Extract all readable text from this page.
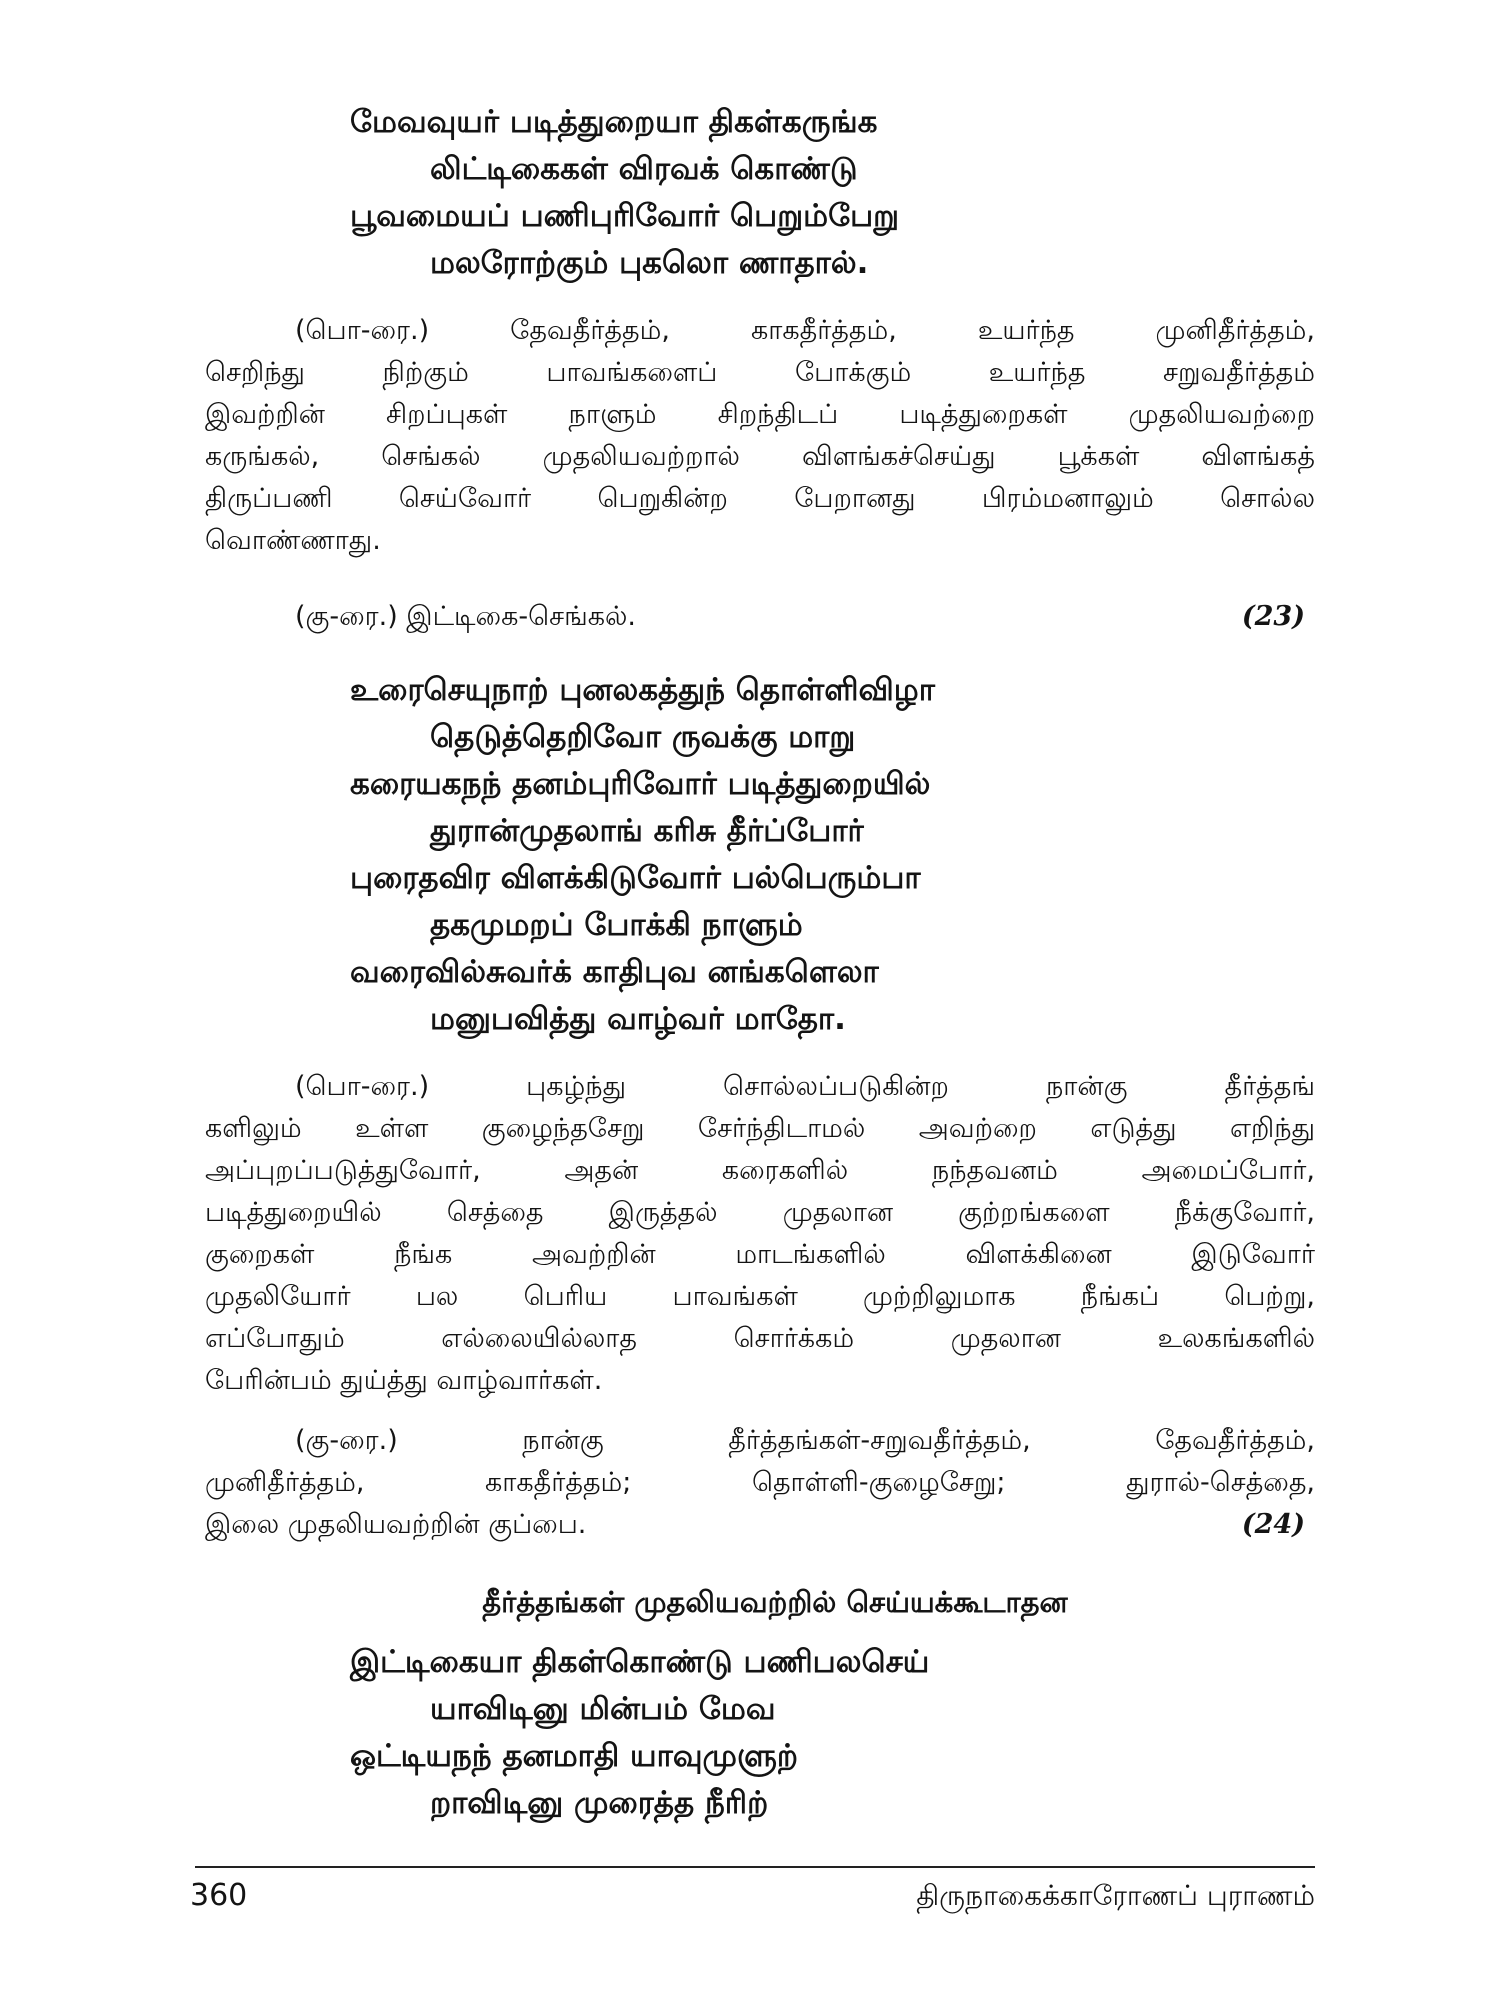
மேவவுயர் படித்துறையா திகள்கருங்க
லிட்டிகைகள் விரவக் கொண்டு
பூவமையப் பணிபுரிவோர் பெறும்பேறு
மலரோற்கும் புகலொ ணாதால்.
(பொ-ரை.) தேவதீர்த்தம், காகதீர்த்தம், உயர்ந்த முனிதீர்த்தம்,
செறிந்து நிற்கும் பாவங்களைப் போக்கும் உயர்ந்த சறுவதீர்த்தம்
இவற்றின் சிறப்புகள் நாளும் சிறந்திடப் படித்துறைகள் முதலியவற்றை
கருங்கல், செங்கல் முதலியவற்றால் விளங்கச்செய்து பூக்கள் விளங்கத்
திருப்பணி செய்வோர் பெறுகின்ற பேறானது பிரம்மனாலும் சொல்ல
வொண்ணாது.
(கு-ரை.) இட்டிகை-செங்கல்.	(23)
உரைசெயுநாற் புனலகத்துந் தொள்ளிவிழா
தெடுத்தெறிவோ ருவக்கு மாறு
கரையகநந் தனம்புரிவோர் படித்துறையில்
துரான்முதலாங் கரிசு தீர்ப்போர்
புரைதவிர விளக்கிடுவோர் பல்பெரும்பா
தகமுமறப் போக்கி நாளும்
வரைவில்சுவர்க் காதிபுவ னங்களெலா
மனுபவித்து வாழ்வர் மாதோ.
(பொ-ரை.) புகழ்ந்து சொல்லப்படுகின்ற நான்கு தீர்த்தங்
களிலும் உள்ள குழைந்தசேறு சேர்ந்திடாமல் அவற்றை எடுத்து எறிந்து
அப்புறப்படுத்துவோர், அதன் கரைகளில் நந்தவனம் அமைப்போர்,
படித்துறையில் செத்தை இருத்தல் முதலான குற்றங்களை நீக்குவோர்,
குறைகள் நீங்க அவற்றின் மாடங்களில் விளக்கினை இடுவோர்
முதலியோர் பல பெரிய பாவங்கள் முற்றிலுமாக நீங்கப் பெற்று,
எப்போதும் எல்லையில்லாத சொர்க்கம் முதலான உலகங்களில்
பேரின்பம் துய்த்து வாழ்வார்கள்.
(கு-ரை.) நான்கு தீர்த்தங்கள்-சறுவதீர்த்தம், தேவதீர்த்தம்,
முனிதீர்த்தம், காகதீர்த்தம்; தொள்ளி-குழைசேறு; துரால்-செத்தை,
இலை முதலியவற்றின் குப்பை.	(24)
தீர்த்தங்கள் முதலியவற்றில் செய்யக்கூடாதன
இட்டிகையா திகள்கொண்டு பணிபலசெய்
யாவிடினு மின்பம் மேவ
ஒட்டியநந் தனமாதி யாவுமுளுற்
றாவிடினு முரைத்த நீரிற்
360	திருநாகைக்காரோணப் புராணம்
